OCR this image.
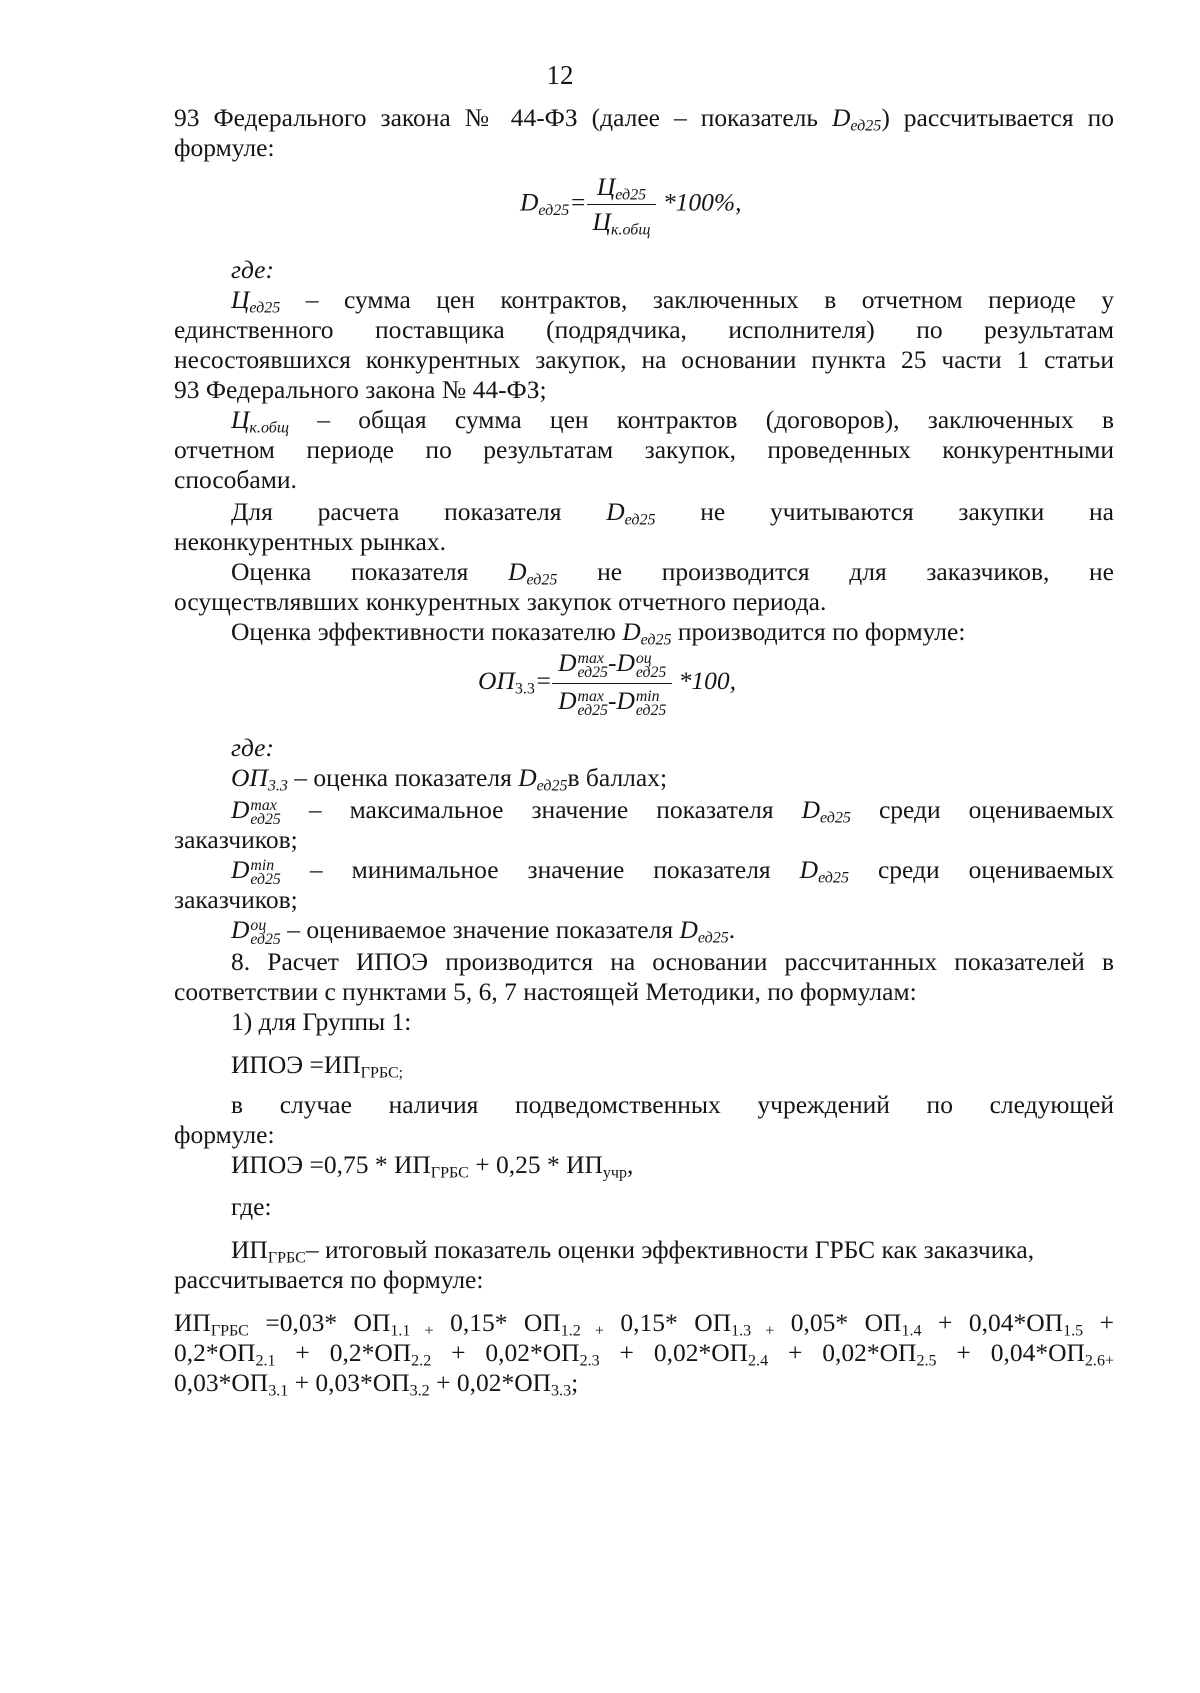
12
93 Федерального закона № 44-ФЗ (далее – показатель $D_{ед25}$) рассчитывается по
формуле:
$D_{ед25}= \frac{Ц_{ед25}}{Ц_{к.общ}} *100\%$,
где:
$Ц_{ед25}$ – сумма цен контрактов, заключенных в отчетном периоде у
единственного поставщика (подрядчика, исполнителя) по результатам
несостоявшихся конкурентных закупок, на основании пункта 25 части 1 статьи
93 Федерального закона № 44-ФЗ;
$Ц_{к.общ}$ – общая сумма цен контрактов (договоров), заключенных в
отчетном периоде по результатам закупок, проведенных конкурентными
способами.
Для расчета показателя $D_{ед25}$ не учитываются закупки на
неконкурентных рынках.
Оценка показателя $D_{ед25}$ не производится для заказчиков, не
осуществлявших конкурентных закупок отчетного периода.
Оценка эффективности показателю $D_{ед25}$ производится по формуле:
$ОП_{3.3}= D$ max
ед25 -D оц
ед25
D max
ед25 -D min
ед25 *100,
где:
$ОП_{3.3}$ – оценка показателя $D_{ед25}в$ баллах;
D max
ед25 – максимальное значение показателя $D_{ед25}$ среди оцениваемых
заказчиков;
D min
ед25 – минимальное значение показателя $D_{ед25}$ среди оцениваемых
заказчиков;
D оц
ед25 – оцениваемое значение показателя $D_{ед25}$.
8. Расчет ИПОЭ производится на основании рассчитанных показателей в
соответствии с пунктами 5, 6, 7 настоящей Методики, по формулам:
1) для Группы 1:
ИПОЭ $=ИП_{ГРБС;}$
в случае наличия подведомственных учреждений по следующей
формуле:
ИПОЭ $=0,75 * ИП_{ГРБС} + 0,25 * ИП_{учр}$,
где:
$ИП_{ГРБС}-$ итоговый показатель оценки эффективности ГРБС как заказчика,
рассчитывается по формуле:
$ИП_{ГРБС} =0,03*$ $ОП_{1.1 +}$ 0,15* $ОП_{1.2 +}$ 0,15* $ОП_{1.3 +}$ 0,05* $ОП_{1.4} + 0,04*ОП_{1.5}$ +
$0,2*ОП_{2.1} + 0,2*ОП_{2.2} + 0,02*ОП_{2.3} + 0,02*ОП_{2.4} + 0,02*ОП_{2.5} + 0,04*ОП_{2.6+}$
$0,03*ОП_{3.1} + 0,03*ОП_{3.2} + 0,02*ОП_{3.3}$;
